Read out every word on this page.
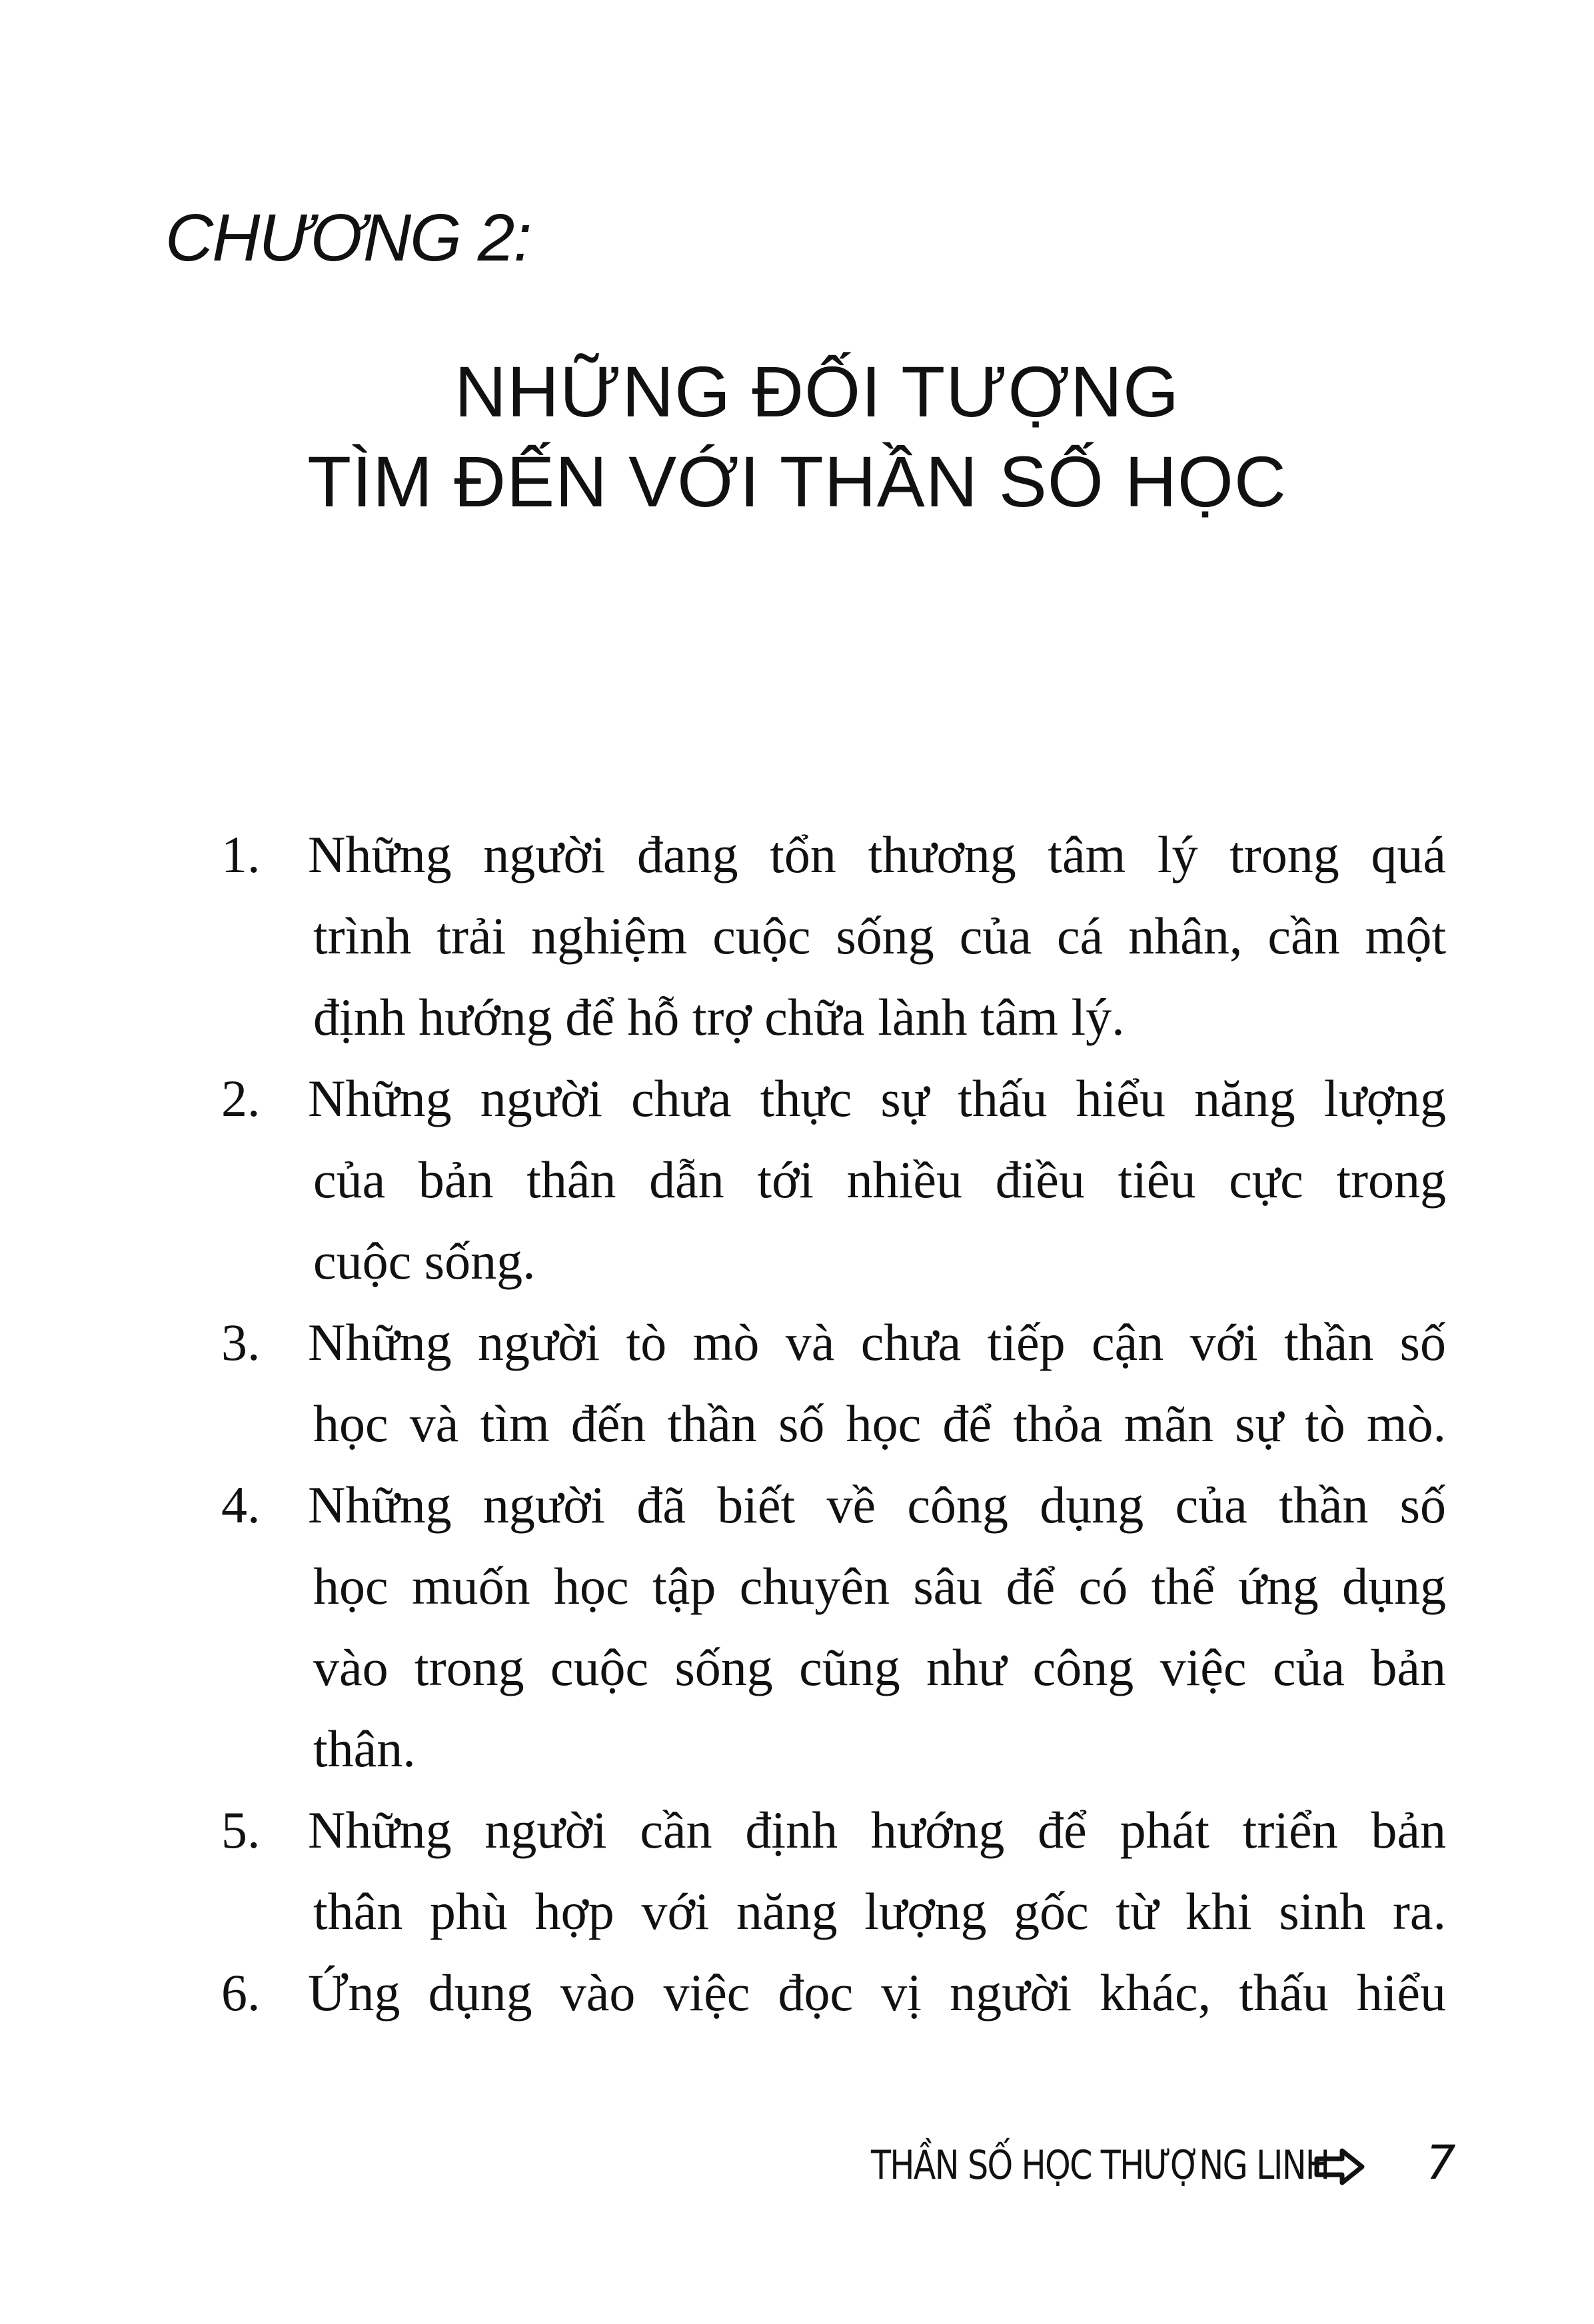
CHƯƠNG 2:
NHỮNG ĐỐI TƯỢNG
TÌM ĐẾN VỚI THẦN SỐ HỌC
1. Những người đang tổn thương tâm lý trong quá
trình trải nghiệm cuộc sống của cá nhân, cần một
định hướng để hỗ trợ chữa lành tâm lý.
2. Những người chưa thực sự thấu hiểu năng lượng
của bản thân dẫn tới nhiều điều tiêu cực trong
cuộc sống.
3. Những người tò mò và chưa tiếp cận với thần số
học và tìm đến thần số học để thỏa mãn sự tò mò.
4. Những người đã biết về công dụng của thần số
học muốn học tập chuyên sâu để có thể ứng dụng
vào trong cuộc sống cũng như công việc của bản
thân.
5. Những người cần định hướng để phát triển bản
thân phù hợp với năng lượng gốc từ khi sinh ra.
6. Ứng dụng vào việc đọc vị người khác, thấu hiểu
THẦN SỐ HỌC THƯỢNG LINH 7
